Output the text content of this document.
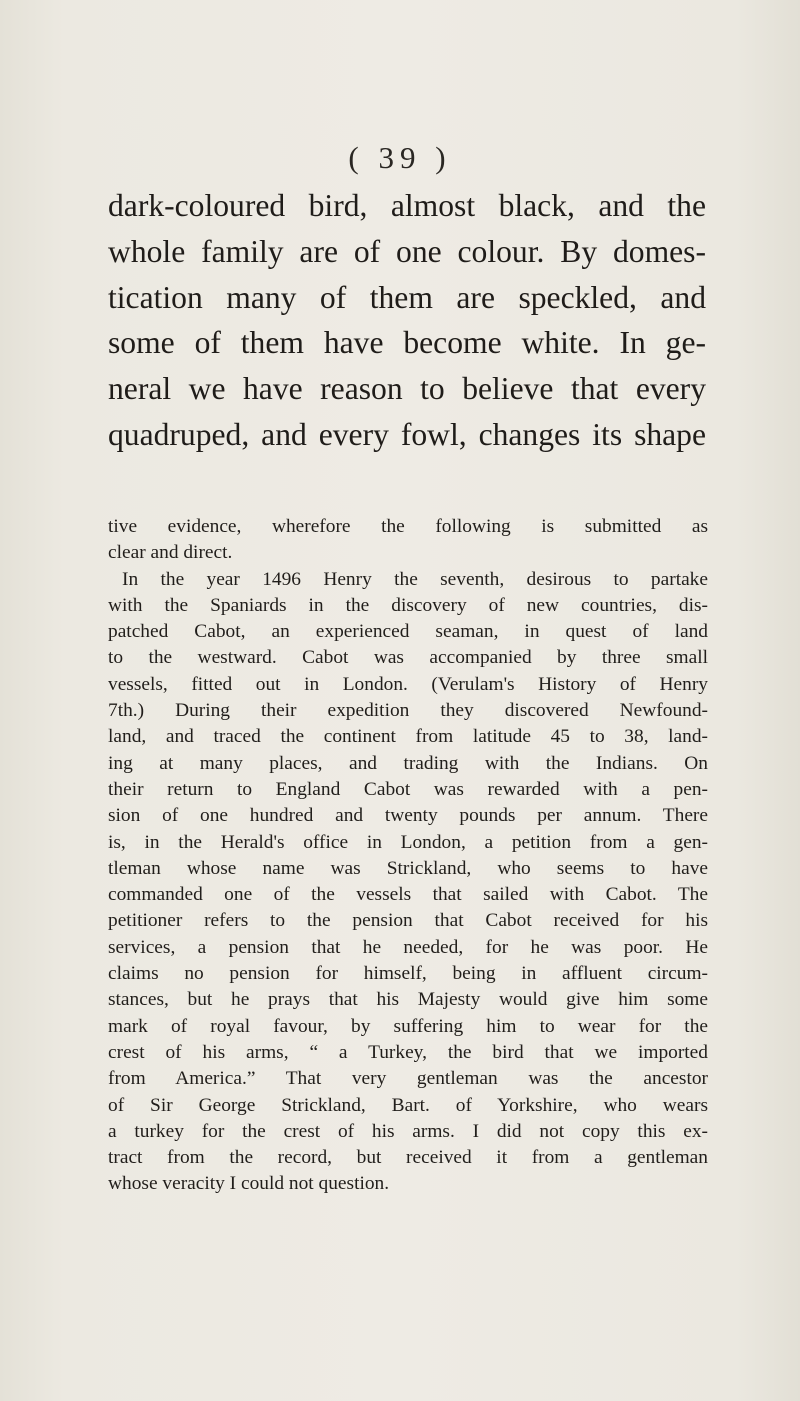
( 39 )
dark-coloured bird, almost black, and the
whole family are of one colour. By domes-
tication many of them are speckled, and
some of them have become white. In ge-
neral we have reason to believe that every
quadruped, and every fowl, changes its shape
tive evidence, wherefore the following is submitted as
clear and direct.
In the year 1496 Henry the seventh, desirous to partake
with the Spaniards in the discovery of new countries, dis-
patched Cabot, an experienced seaman, in quest of land
to the westward. Cabot was accompanied by three small
vessels, fitted out in London. (Verulam's History of Henry
7th.) During their expedition they discovered Newfound-
land, and traced the continent from latitude 45 to 38, land-
ing at many places, and trading with the Indians. On
their return to England Cabot was rewarded with a pen-
sion of one hundred and twenty pounds per annum. There
is, in the Herald's office in London, a petition from a gen-
tleman whose name was Strickland, who seems to have
commanded one of the vessels that sailed with Cabot. The
petitioner refers to the pension that Cabot received for his
services, a pension that he needed, for he was poor. He
claims no pension for himself, being in affluent circum-
stances, but he prays that his Majesty would give him some
mark of royal favour, by suffering him to wear for the
crest of his arms, “ a Turkey, the bird that we imported
from America.” That very gentleman was the ancestor
of Sir George Strickland, Bart. of Yorkshire, who wears
a turkey for the crest of his arms. I did not copy this ex-
tract from the record, but received it from a gentleman
whose veracity I could not question.
